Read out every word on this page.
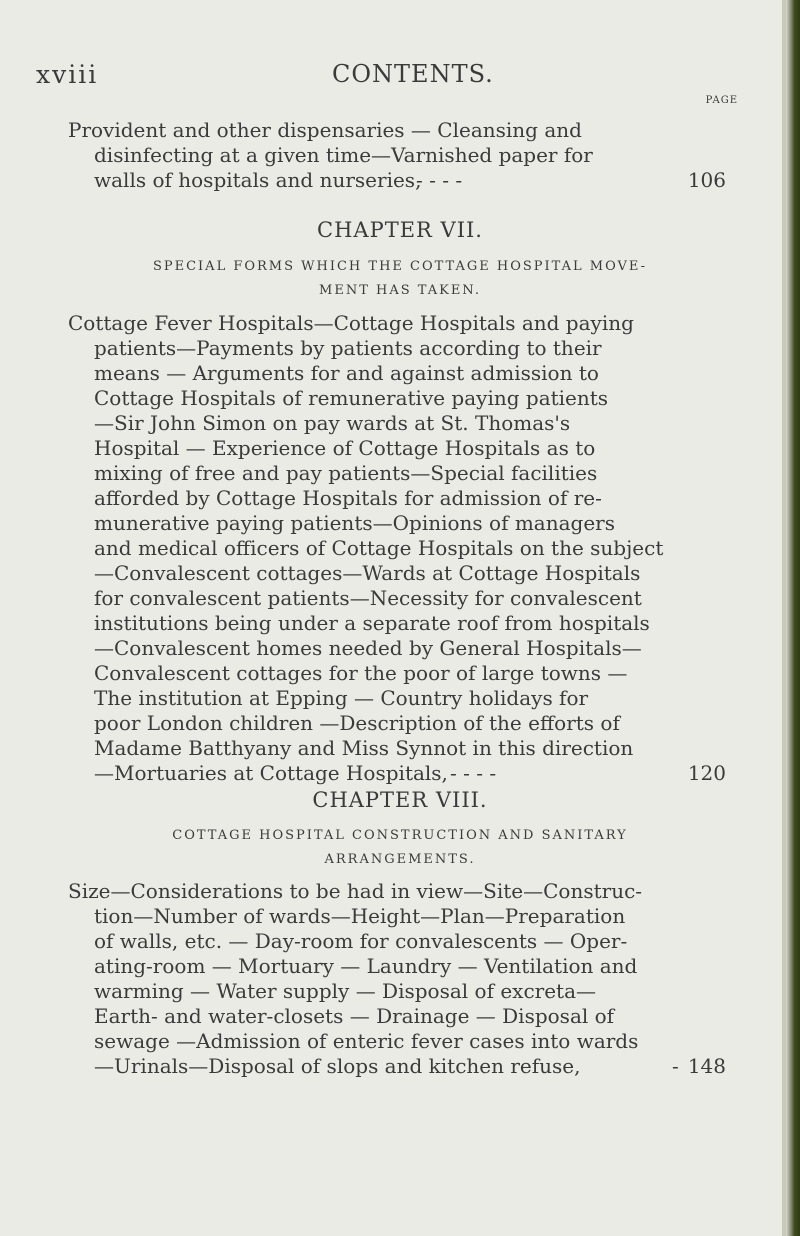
xviii	CONTENTS.
PAGE
Provident and other dispensaries — Cleansing and
disinfecting at a given time—Varnished paper for
walls of hospitals and nurseries,
- - - -	106
CHAPTER VII.
SPECIAL FORMS WHICH THE COTTAGE HOSPITAL MOVE-
MENT HAS TAKEN.
Cottage Fever Hospitals—Cottage Hospitals and paying
patients—Payments by patients according to their
means — Arguments for and against admission to
Cottage Hospitals of remunerative paying patients
—Sir John Simon on pay wards at St. Thomas's
Hospital — Experience of Cottage Hospitals as to
mixing of free and pay patients—Special facilities
afforded by Cottage Hospitals for admission of re-
munerative paying patients—Opinions of managers
and medical officers of Cottage Hospitals on the subject
—Convalescent cottages—Wards at Cottage Hospitals
for convalescent patients—Necessity for convalescent
institutions being under a separate roof from hospitals
—Convalescent homes needed by General Hospitals—
Convalescent cottages for the poor of large towns —
The institution at Epping — Country holidays for
poor London children —Description of the efforts of
Madame Batthyany and Miss Synnot in this direction
—Mortuaries at Cottage Hospitals, - - - -	120
CHAPTER VIII.
COTTAGE HOSPITAL CONSTRUCTION AND SANITARY
ARRANGEMENTS.
Size—Considerations to be had in view—Site—Construc-
tion—Number of wards—Height—Plan—Preparation
of walls, etc. — Day-room for convalescents — Oper-
ating-room — Mortuary — Laundry — Ventilation and
warming — Water supply — Disposal of excreta—
Earth- and water-closets — Drainage — Disposal of
sewage —Admission of enteric fever cases into wards
—Urinals—Disposal of slops and kitchen refuse,	- 148
